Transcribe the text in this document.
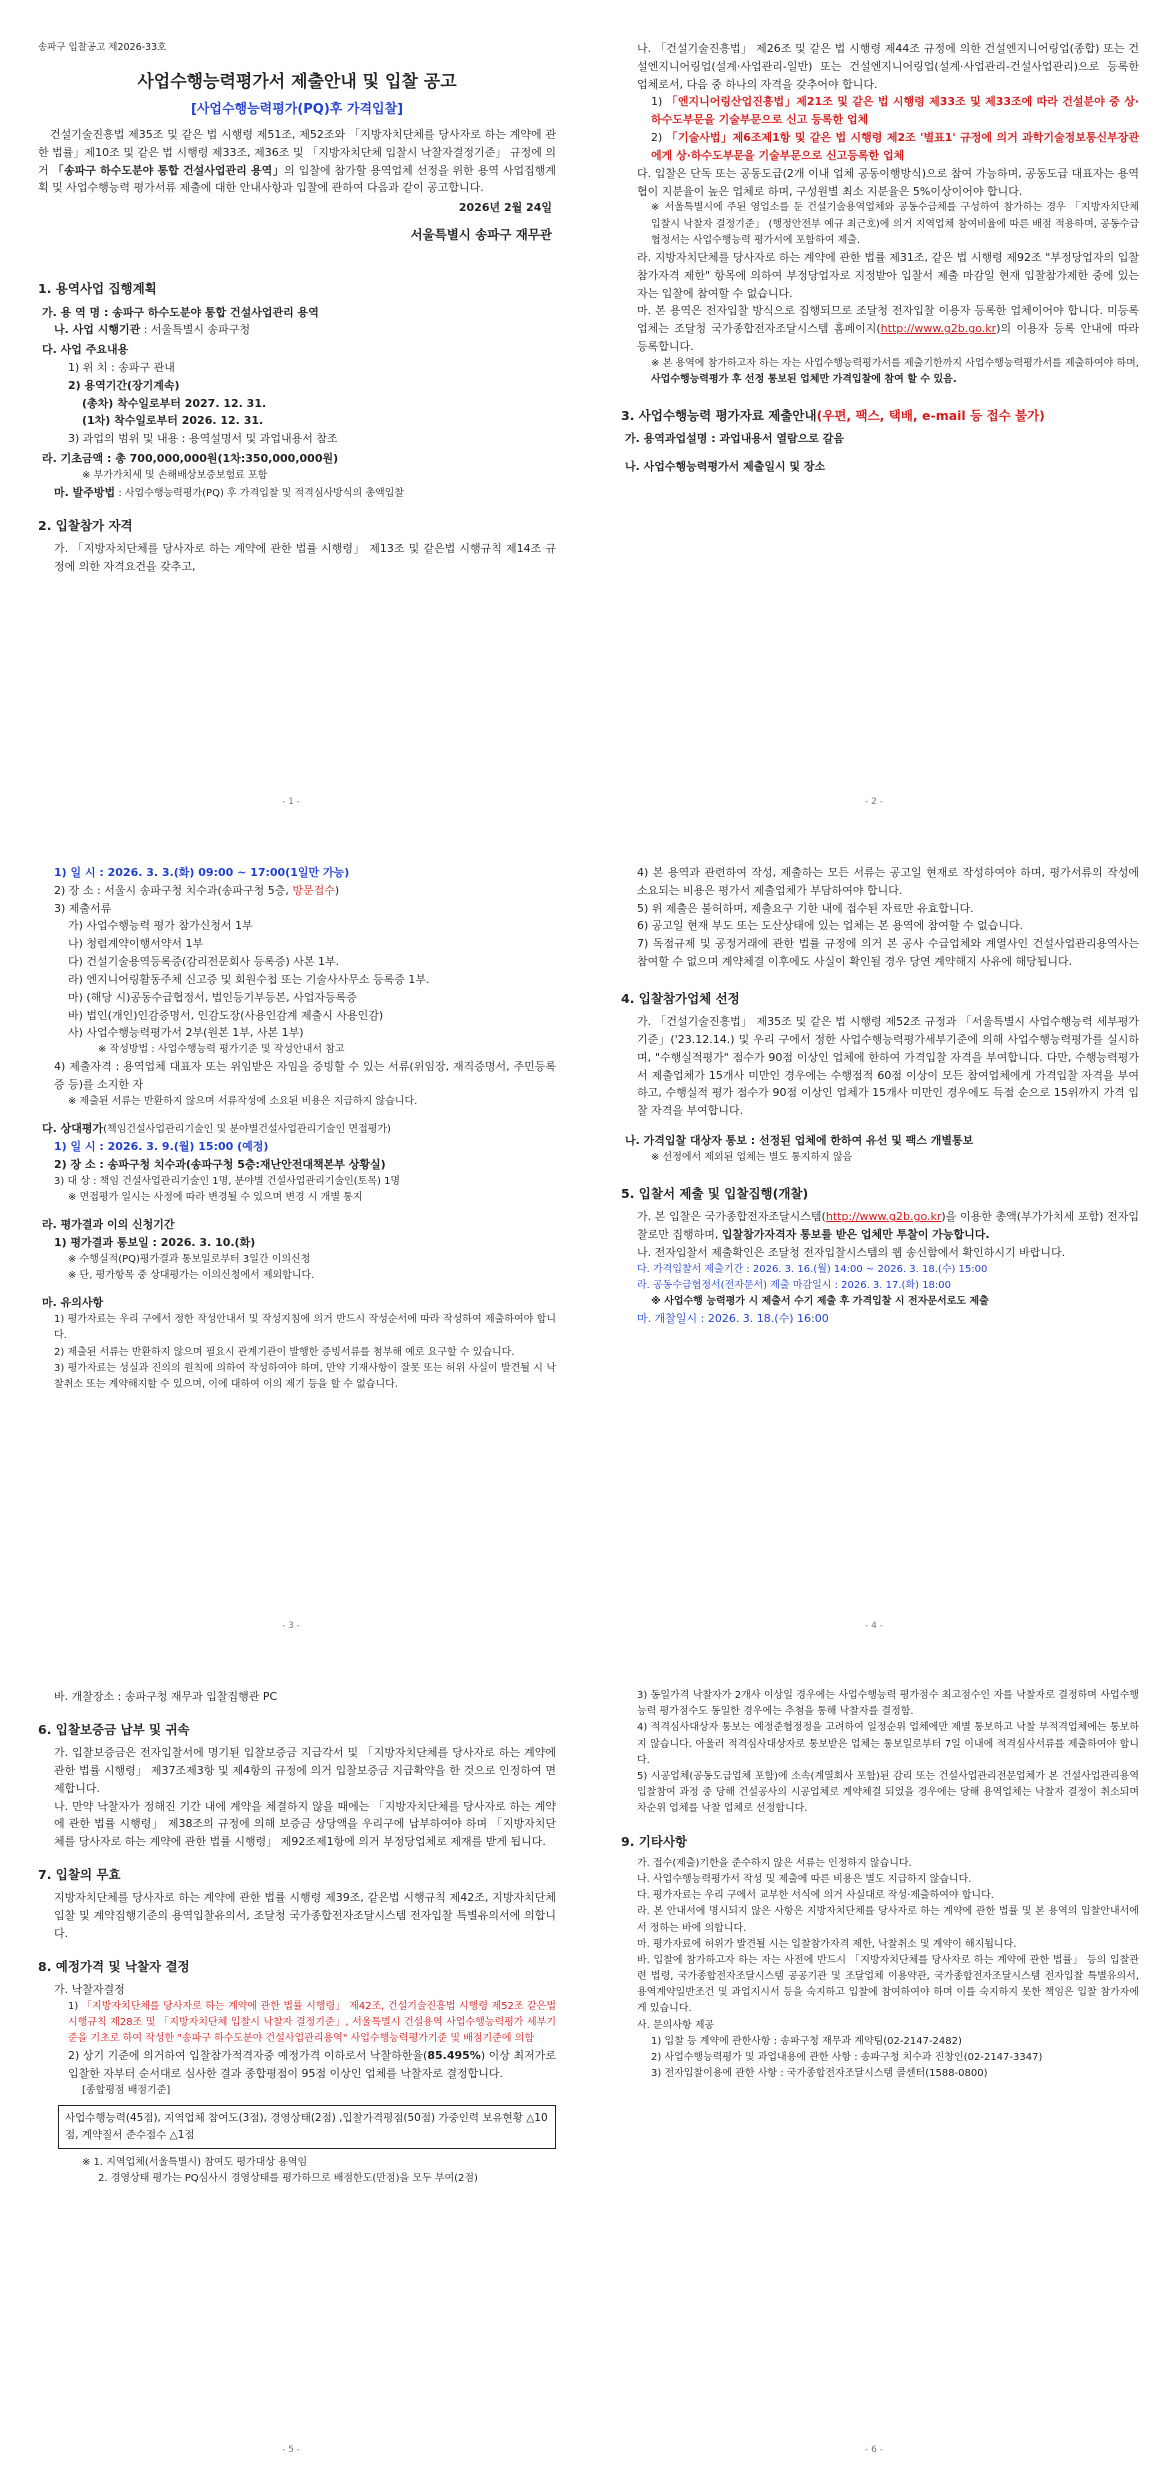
송파구 입찰공고 제2026-33호
사업수행능력평가서 제출안내 및 입찰 공고
[사업수행능력평가(PQ)후 가격입찰]
건설기술진흥법 제35조 및 같은 법 시행령 제51조, 제52조와 「지방자치단체를 당사자로 하는 계약에 관한 법률」제10조 및 같은 법 시행령 제33조, 제36조 및 「지방자치단체 입찰시 낙찰자결정기준」 규정에 의거 「송파구 하수도분야 통합 건설사업관리 용역」의 입찰에 참가할 용역업체 선정을 위한 용역 사업집행계획 및 사업수행능력 평가서류 제출에 대한 안내사항과 입찰에 관하여 다음과 같이 공고합니다.
2026년 2월 24일
서울특별시 송파구 재무관
1. 용역사업 집행계획
가. 용 역 명 : 송파구 하수도분야 통합 건설사업관리 용역
나. 사업 시행기관 : 서울특별시 송파구청
다. 사업 주요내용
1) 위 치 : 송파구 관내
2) 용역기간(장기계속)
(총차) 착수일로부터 2027. 12. 31.
(1차) 착수일로부터 2026. 12. 31.
3) 과업의 범위 및 내용 : 용역설명서 및 과업내용서 참조
라. 기초금액 : 총 700,000,000원(1차:350,000,000원)
※ 부가가치세 및 손해배상보증보험료 포함
마. 발주방법 : 사업수행능력평가(PQ) 후 가격입찰 및 적격심사방식의 총액입찰
2. 입찰참가 자격
가. 「지방자치단체를 당사자로 하는 계약에 관한 법률 시행령」 제13조 및 같은법 시행규칙 제14조 규정에 의한 자격요건을 갖추고,
- 1 -
나. 「건설기술진흥법」 제26조 및 같은 법 시행령 제44조 규정에 의한 건설엔지니어링업(종합) 또는 건설엔지니어링업(설계·사업관리-일반) 또는 건설엔지니어링업(설계·사업관리-건설사업관리)으로 등록한 업체로서, 다음 중 하나의 자격을 갖추어야 합니다.
1) 「엔지니어링산업진흥법」제21조 및 같은 법 시행령 제33조 및 제33조에 따라 건설분야 중 상·하수도부문을 기술부문으로 신고 등록한 업체
2) 「기술사법」제6조제1항 및 같은 법 시행령 제2조 '별표1' 규정에 의거 과학기술정보통신부장관에게 상·하수도부문을 기술부문으로 신고등록한 업체
다. 입찰은 단독 또는 공동도급(2개 이내 업체 공동이행방식)으로 참여 가능하며, 공동도급 대표자는 용역협이 지분율이 높은 업체로 하며, 구성원별 최소 지분율은 5%이상이어야 합니다.
※ 서울특별시에 주된 영업소를 둔 건설기술용역업체와 공동수급체를 구성하여 참가하는 경우 「지방자치단체 입찰시 낙찰자 결정기준」 (행정안전부 예규 최근호)에 의거 지역업체 참여비율에 따른 배점 적용하며, 공동수급협정서는 사업수행능력 평가서에 포함하여 제출.
라. 지방자치단체를 당사자로 하는 계약에 관한 법률 제31조, 같은 법 시행령 제92조 "부정당업자의 입찰참가자격 제한" 항목에 의하여 부정당업자로 지정받아 입찰서 제출 마감일 현재 입찰참가제한 중에 있는 자는 입찰에 참여할 수 없습니다.
마. 본 용역은 전자입찰 방식으로 집행되므로 조달청 전자입찰 이용자 등록한 업체이어야 합니다. 미등록 업체는 조달청 국가종합전자조달시스템 홈페이지(http://www.g2b.go.kr)의 이용자 등록 안내에 따라 등록합니다.
※ 본 용역에 참가하고자 하는 자는 사업수행능력평가서를 제출기한까지 사업수행능력평가서를 제출하여야 하며, 사업수행능력평가 후 선정 통보된 업체만 가격입찰에 참여 할 수 있음.
3. 사업수행능력 평가자료 제출안내(우편, 팩스, 택배, e-mail 등 접수 불가)
가. 용역과업설명 : 과업내용서 열람으로 갈음
나. 사업수행능력평가서 제출일시 및 장소
- 2 -
1) 일 시 : 2026. 3. 3.(화) 09:00 ~ 17:00(1일만 가능)
2) 장 소 : 서울시 송파구청 치수과(송파구청 5층, 방문접수)
3) 제출서류
가) 사업수행능력 평가 참가신청서 1부
나) 청렴계약이행서약서 1부
다) 건설기술용역등록증(감리전문회사 등록증) 사본 1부.
라) 엔지니어링활동주체 신고증 및 회원수첩 또는 기술사사무소 등록증 1부.
마) (해당 시)공동수급협정서, 법인등기부등본, 사업자등록증
바) 법인(개인)인감증명서, 인감도장(사용인감계 제출시 사용인감)
사) 사업수행능력평가서 2부(원본 1부, 사본 1부)
※ 작성방법 : 사업수행능력 평가기준 및 작성안내서 참고
4) 제출자격 : 용역업체 대표자 또는 위임받은 자임을 증빙할 수 있는 서류(위임장, 재직증명서, 주민등록증 등)를 소지한 자
※ 제출된 서류는 반환하지 않으며 서류작성에 소요된 비용은 지급하지 않습니다.
다. 상대평가(책임건설사업관리기술인 및 분야별건설사업관리기술인 면접평가)
1) 일 시 : 2026. 3. 9.(월) 15:00 (예정)
2) 장 소 : 송파구청 치수과(송파구청 5층:재난안전대책본부 상황실)
3) 대 상 : 책임 건설사업관리기술인 1명, 분야별 건설사업관리기술인(토목) 1명
※ 면접평가 일시는 사정에 따라 변경될 수 있으며 변경 시 개별 통지
라. 평가결과 이의 신청기간
1) 평가결과 통보일 : 2026. 3. 10.(화)
※ 수행실적(PQ)평가결과 통보일로부터 3일간 이의신청
※ 단, 평가항목 중 상대평가는 이의신청에서 제외합니다.
마. 유의사항
1) 평가자료는 우리 구에서 정한 작성안내서 및 작성지침에 의거 반드시 작성순서에 따라 작성하여 제출하여야 합니다.
2) 제출된 서류는 반환하지 않으며 필요시 관계기관이 발행한 증빙서류를 첨부해 예로 요구할 수 있습니다.
3) 평가자료는 성실과 진의의 원칙에 의하여 작성하여야 하며, 만약 기재사항이 잘못 또는 허위 사실이 발견될 시 낙찰취소 또는 계약해지할 수 있으며, 이에 대하여 이의 제기 등을 할 수 없습니다.
- 3 -
4) 본 용역과 관련하여 작성, 제출하는 모든 서류는 공고일 현재로 작성하여야 하며, 평가서류의 작성에 소요되는 비용은 평가서 제출업체가 부담하여야 합니다.
5) 위 제출은 불허하며, 제출요구 기한 내에 접수된 자료만 유효합니다.
6) 공고일 현재 부도 또는 도산상태에 있는 업체는 본 용역에 참여할 수 없습니다.
7) 독점규제 및 공정거래에 관한 법률 규정에 의거 본 공사 수급업체와 계열사인 건설사업관리용역사는 참여할 수 없으며 계약체결 이후에도 사실이 확인될 경우 당연 계약해지 사유에 해당됩니다.
4. 입찰참가업체 선정
가. 「건설기술진흥법」 제35조 및 같은 법 시행령 제52조 규정과 「서울특별시 사업수행능력 세부평가기준」('23.12.14.) 및 우리 구에서 정한 사업수행능력평가세부기준에 의해 사업수행능력평가를 실시하며, "수행실적평가" 점수가 90점 이상인 업체에 한하여 가격입찰 자격을 부여합니다. 다만, 수행능력평가서 제출업체가 15개사 미만인 경우에는 수행점적 60점 이상이 모든 참여업체에게 가격입찰 자격을 부여하고, 수행실적 평가 점수가 90점 이상인 업체가 15개사 미만인 경우에도 득점 순으로 15위까지 가격 입찰 자격을 부여합니다.
나. 가격입찰 대상자 통보 : 선정된 업체에 한하여 유선 및 팩스 개별통보
※ 선정에서 제외된 업체는 별도 통지하지 않음
5. 입찰서 제출 및 입찰집행(개찰)
가. 본 입찰은 국가종합전자조달시스템(http://www.g2b.go.kr)을 이용한 총액(부가가치세 포함) 전자입찰로만 집행하며, 입찰참가자격자 통보를 받은 업체만 투찰이 가능합니다.
나. 전자입찰서 제출확인은 조달청 전자입찰시스템의 웹 송신함에서 확인하시기 바랍니다.
다. 가격입찰서 제출기간 : 2026. 3. 16.(월) 14:00 ~ 2026. 3. 18.(수) 15:00
라. 공동수급협정서(전자문서) 제출 마감일시 : 2026. 3. 17.(화) 18:00
※ 사업수행 능력평가 시 제출서 수기 제출 후 가격입찰 시 전자문서로도 제출
마. 개찰일시 : 2026. 3. 18.(수) 16:00
- 4 -
바. 개찰장소 : 송파구청 재무과 입찰집행관 PC
6. 입찰보증금 납부 및 귀속
가. 입찰보증금은 전자입찰서에 명기된 입찰보증금 지급각서 및 「지방자치단체를 당사자로 하는 계약에 관한 법률 시행령」 제37조제3항 및 제4항의 규정에 의거 입찰보증금 지급확약을 한 것으로 인정하여 면제합니다.
나. 만약 낙찰자가 정해진 기간 내에 계약을 체결하지 않을 때에는 「지방자치단체를 당사자로 하는 계약에 관한 법률 시행령」 제38조의 규정에 의해 보증금 상당액을 우리구에 납부하여야 하며 「지방자치단체를 당사자로 하는 계약에 관한 법률 시행령」 제92조제1항에 의거 부정당업체로 제재를 받게 됩니다.
7. 입찰의 무효
지방자치단체를 당사자로 하는 계약에 관한 법률 시행령 제39조, 같은법 시행규칙 제42조, 지방자치단체 입찰 및 계약집행기준의 용역입찰유의서, 조달청 국가종합전자조달시스템 전자입찰 특별유의서에 의합니다.
8. 예정가격 및 낙찰자 결정
가. 낙찰자결정
1) 「지방자치단체를 당사자로 하는 계약에 관한 법률 시행령」 제42조, 건설기술진흥법 시행령 제52조 같은법 시행규칙 제28조 및 「지방자치단체 입찰시 낙찰자 결정기준」, 서울특별시 건설용역 사업수행능력평가 세부기준을 기초로 하여 작성한 "송파구 하수도분야 건설사업관리용역" 사업수행능력평가기준 및 배점기준에 의함
2) 상기 기준에 의거하여 입찰참가적격자중 예정가격 이하로서 낙찰하한율(85.495%) 이상 최저가로 입찰한 자부터 순서대로 심사한 결과 종합평점이 95점 이상인 업체를 낙찰자로 결정합니다.
[종합평점 배점기준]
사업수행능력(45점), 지역업체 참여도(3점), 경영상태(2점) ,입찰가격평점(50점) 가중인력 보유현황 △10점, 계약질서 준수점수 △1점
※ 1. 지역업체(서울특별시) 참여도 평가대상 용역임
2. 경영상태 평가는 PQ심사시 경영상태를 평가하므로 배점한도(만점)을 모두 부여(2점)
- 5 -
3) 동일가격 낙찰자가 2개사 이상일 경우에는 사업수행능력 평가점수 최고점수인 자를 낙찰자로 결정하며 사업수행능력 평가점수도 동일한 경우에는 추첨을 통해 낙찰자를 결정함.
4) 적격심사대상자 통보는 예정준협정정을 고려하여 일정순위 업체에만 제별 통보하고 낙찰 부적격업체에는 통보하지 않습니다. 아울러 적격심사대상자로 통보받은 업체는 통보일로부터 7일 이내에 적격심사서류를 제출하여야 합니다.
5) 시공업체(공동도급업체 포함)에 소속(계열회사 포함)된 감리 또는 건설사업관리전문업체가 본 건설사업관리용역 입찰참여 과정 중 당해 건설공사의 시공업체로 계약체결 되었을 경우에는 당해 용역업체는 낙찰자 결정이 취소되며 차순위 업체를 낙찰 업체로 선정합니다.
9. 기타사항
가. 접수(제출)기한을 준수하지 않은 서류는 인정하지 않습니다.
나. 사업수행능력평가서 작성 및 제출에 따른 비용은 별도 지급하지 않습니다.
다. 평가자료는 우리 구에서 교부한 서식에 의거 사실대로 작성·제출하여야 합니다.
라. 본 안내서에 명시되지 않은 사항은 지방자치단체를 당사자로 하는 계약에 관한 법률 및 본 용역의 입찰안내서에서 정하는 바에 의합니다.
마. 평가자료에 허위가 발견될 시는 입찰참가자격 제한, 낙찰취소 및 계약이 해지됩니다.
바. 입찰에 참가하고자 하는 자는 사전에 반드시 「지방자치단체를 당사자로 하는 계약에 관한 법률」 등의 입찰관련 법령, 국가종합전자조달시스템 공공기관 및 조달업체 이용약관, 국가종합전자조달시스템 전자입찰 특별유의서, 용역계약일반조건 및 과업지시서 등을 숙지하고 입찰에 참여하여야 하며 이를 숙지하지 못한 책임은 입찰 참가자에게 있습니다.
사. 문의사항 제공
1) 입찰 등 계약에 관한사항 : 송파구청 재무과 계약팀(02-2147-2482)
2) 사업수행능력평가 및 과업내용에 관한 사항 : 송파구청 치수과 진창인(02-2147-3347)
3) 전자입찰이용에 관한 사항 : 국가종합전자조달시스템 콜센터(1588-0800)
- 6 -
